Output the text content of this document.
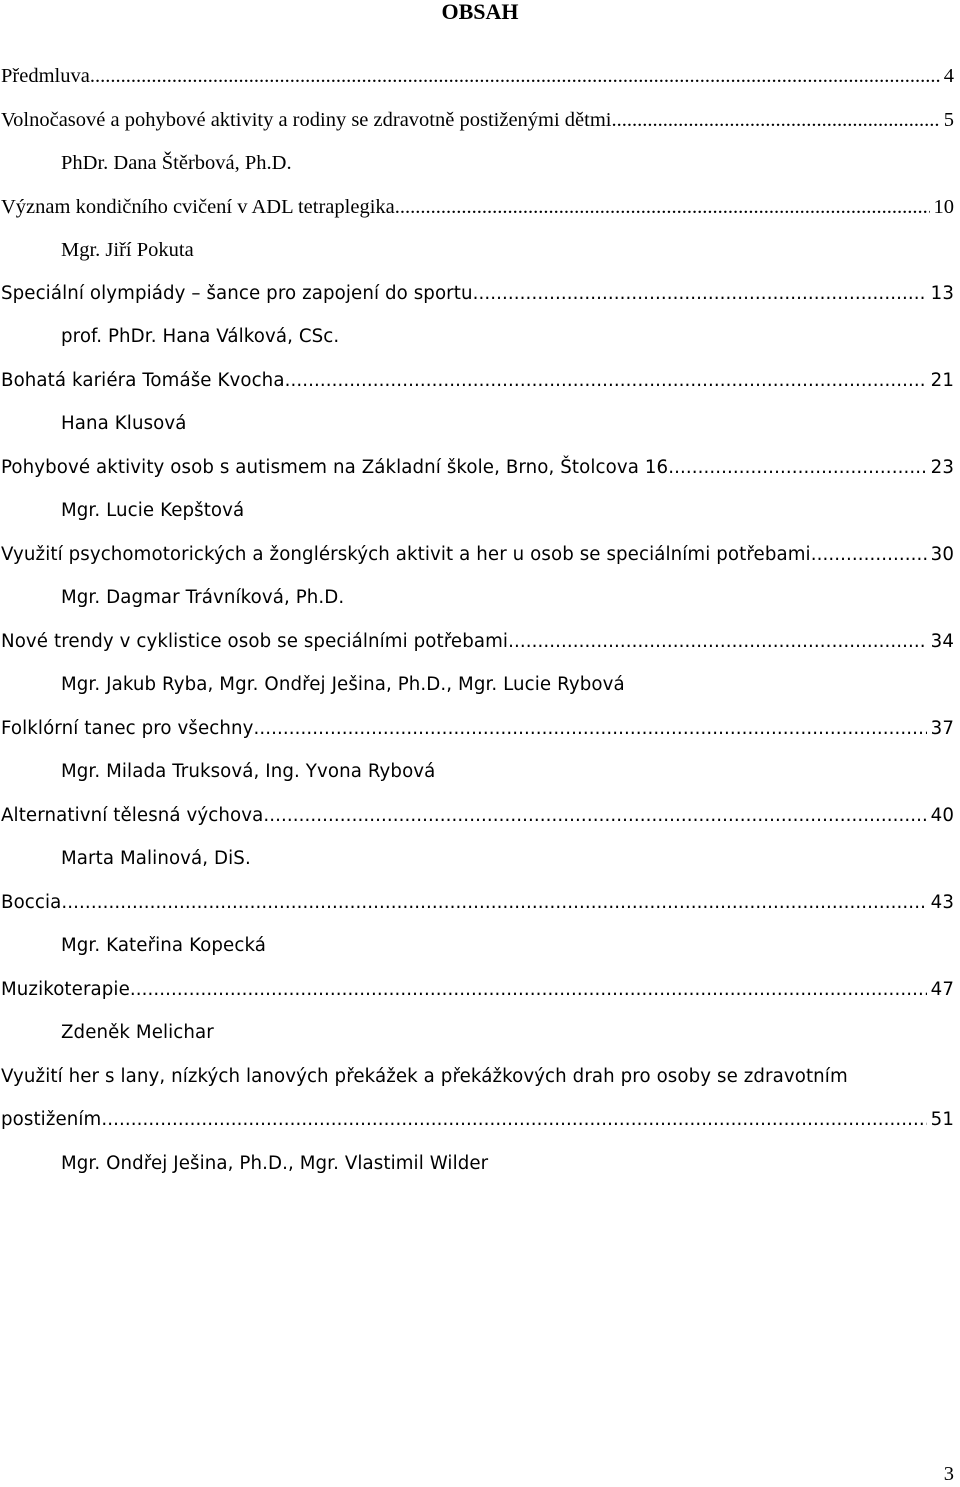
OBSAH
Předmluva .....	4
Volnočasové a pohybové aktivity a rodiny se zdravotně postiženými dětmi .....	5
PhDr. Dana Štěrbová, Ph.D.
Význam kondičního cvičení v ADL tetraplegika .....	10
Mgr. Jiří Pokuta
Speciální olympiády – šance pro zapojení do sportu .....	13
prof. PhDr. Hana Válková, CSc.
Bohatá kariéra Tomáše Kvocha .....	21
Hana Klusová
Pohybové aktivity osob s autismem na Základní škole, Brno, Štolcova 16 .....	23
Mgr. Lucie Kepštová
Využití psychomotorických a žonglérských aktivit a her u osob se speciálními potřebami .....	30
Mgr. Dagmar Trávníková, Ph.D.
Nové trendy v cyklistice osob se speciálními potřebami .....	34
Mgr. Jakub Ryba, Mgr. Ondřej Ješina, Ph.D., Mgr. Lucie Rybová
Folklórní tanec pro všechny .....	37
Mgr. Milada Truksová, Ing. Yvona Rybová
Alternativní tělesná výchova .....	40
Marta Malinová, DiS.
Boccia .....	43
Mgr. Kateřina Kopecká
Muzikoterapie .....	47
Zdeněk Melichar
Využití her s lany, nízkých lanových překážek a překážkových drah pro osoby se zdravotním
postižením .....	51
Mgr. Ondřej Ješina, Ph.D., Mgr. Vlastimil Wilder
3
